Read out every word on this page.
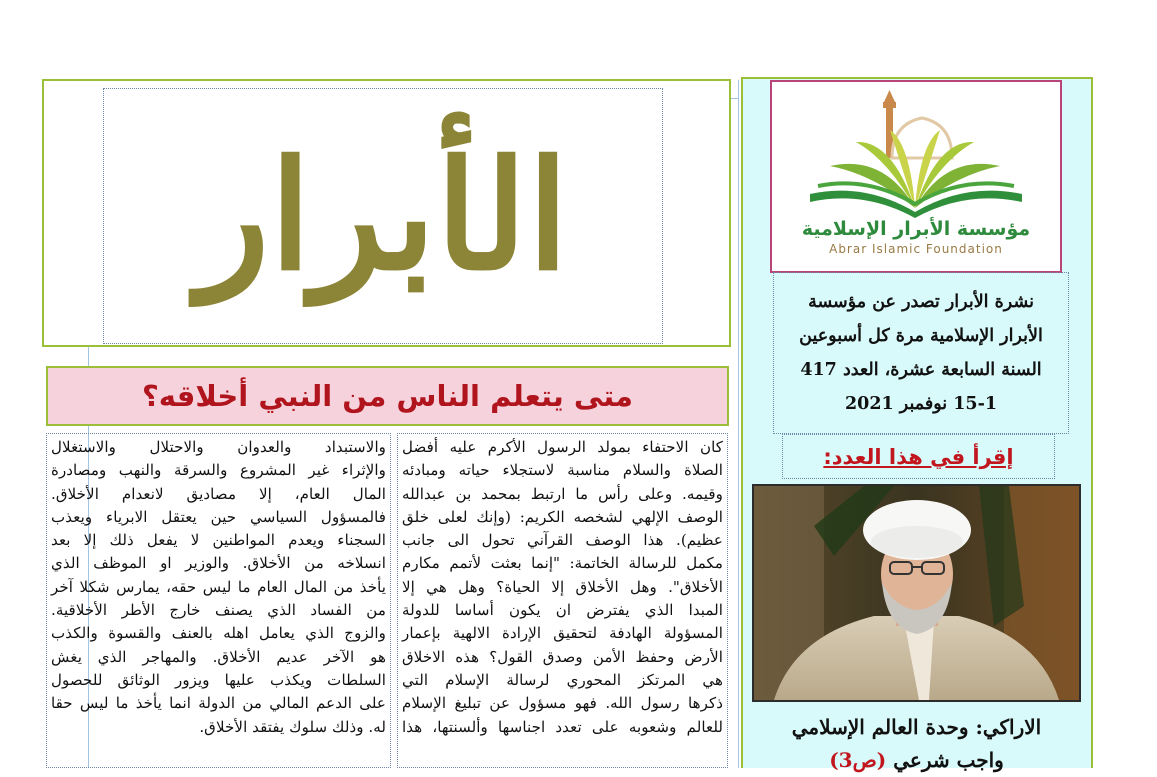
الأبرار
متى يتعلم الناس من النبي أخلاقه؟
كان الاحتفاء بمولد الرسول الأكرم عليه أفضل
الصلاة والسلام مناسبة لاستجلاء حياته ومبادئه
وقيمه. وعلى رأس ما ارتبط بمحمد بن عبدالله
الوصف الإلهي لشخصه الكريم: (وإنك لعلى خلق
عظيم). هذا الوصف القرآني تحول الى جانب
مكمل للرسالة الخاتمة: "إنما بعثت لأتمم مكارم
الأخلاق". وهل الأخلاق إلا الحياة؟ وهل هي إلا
المبدا الذي يفترض ان يكون أساسا للدولة
المسؤولة الهادفة لتحقيق الإرادة الالهية بإعمار
الأرض وحفظ الأمن وصدق القول؟ هذه الاخلاق
هي المرتكز المحوري لرسالة الإسلام التي
ذكرها رسول الله. فهو مسؤول عن تبليغ الإسلام
للعالم وشعوبه على تعدد اجناسها وألسنتها، هذا
والاستبداد والعدوان والاحتلال والاستغلال
والإثراء غير المشروع والسرقة والنهب ومصادرة
المال العام، إلا مصاديق لانعدام الأخلاق.
فالمسؤول السياسي حين يعتقل الابرياء ويعذب
السجناء ويعدم المواطنين لا يفعل ذلك إلا بعد
انسلاخه من الأخلاق. والوزير او الموظف الذي
يأخذ من المال العام ما ليس حقه، يمارس شكلا آخر
من الفساد الذي يصنف خارج الأطر الأخلاقية.
والزوج الذي يعامل اهله بالعنف والقسوة والكذب
هو الآخر عديم الأخلاق. والمهاجر الذي يغش
السلطات ويكذب عليها ويزور الوثائق للحصول
على الدعم المالي من الدولة انما يأخذ ما ليس حقا
له. وذلك سلوك يفتقد الأخلاق.
مؤسسة الأبرار الإسلامية
Abrar Islamic Foundation
نشرة الأبرار تصدر عن مؤسسة
الأبرار الإسلامية مرة كل أسبوعين
السنة السابعة عشرة، العدد 417
15-1 نوفمبر 2021
إقرأ في هذا العدد:
الاراكي: وحدة العالم الإسلامي
واجب شرعي (ص3)
